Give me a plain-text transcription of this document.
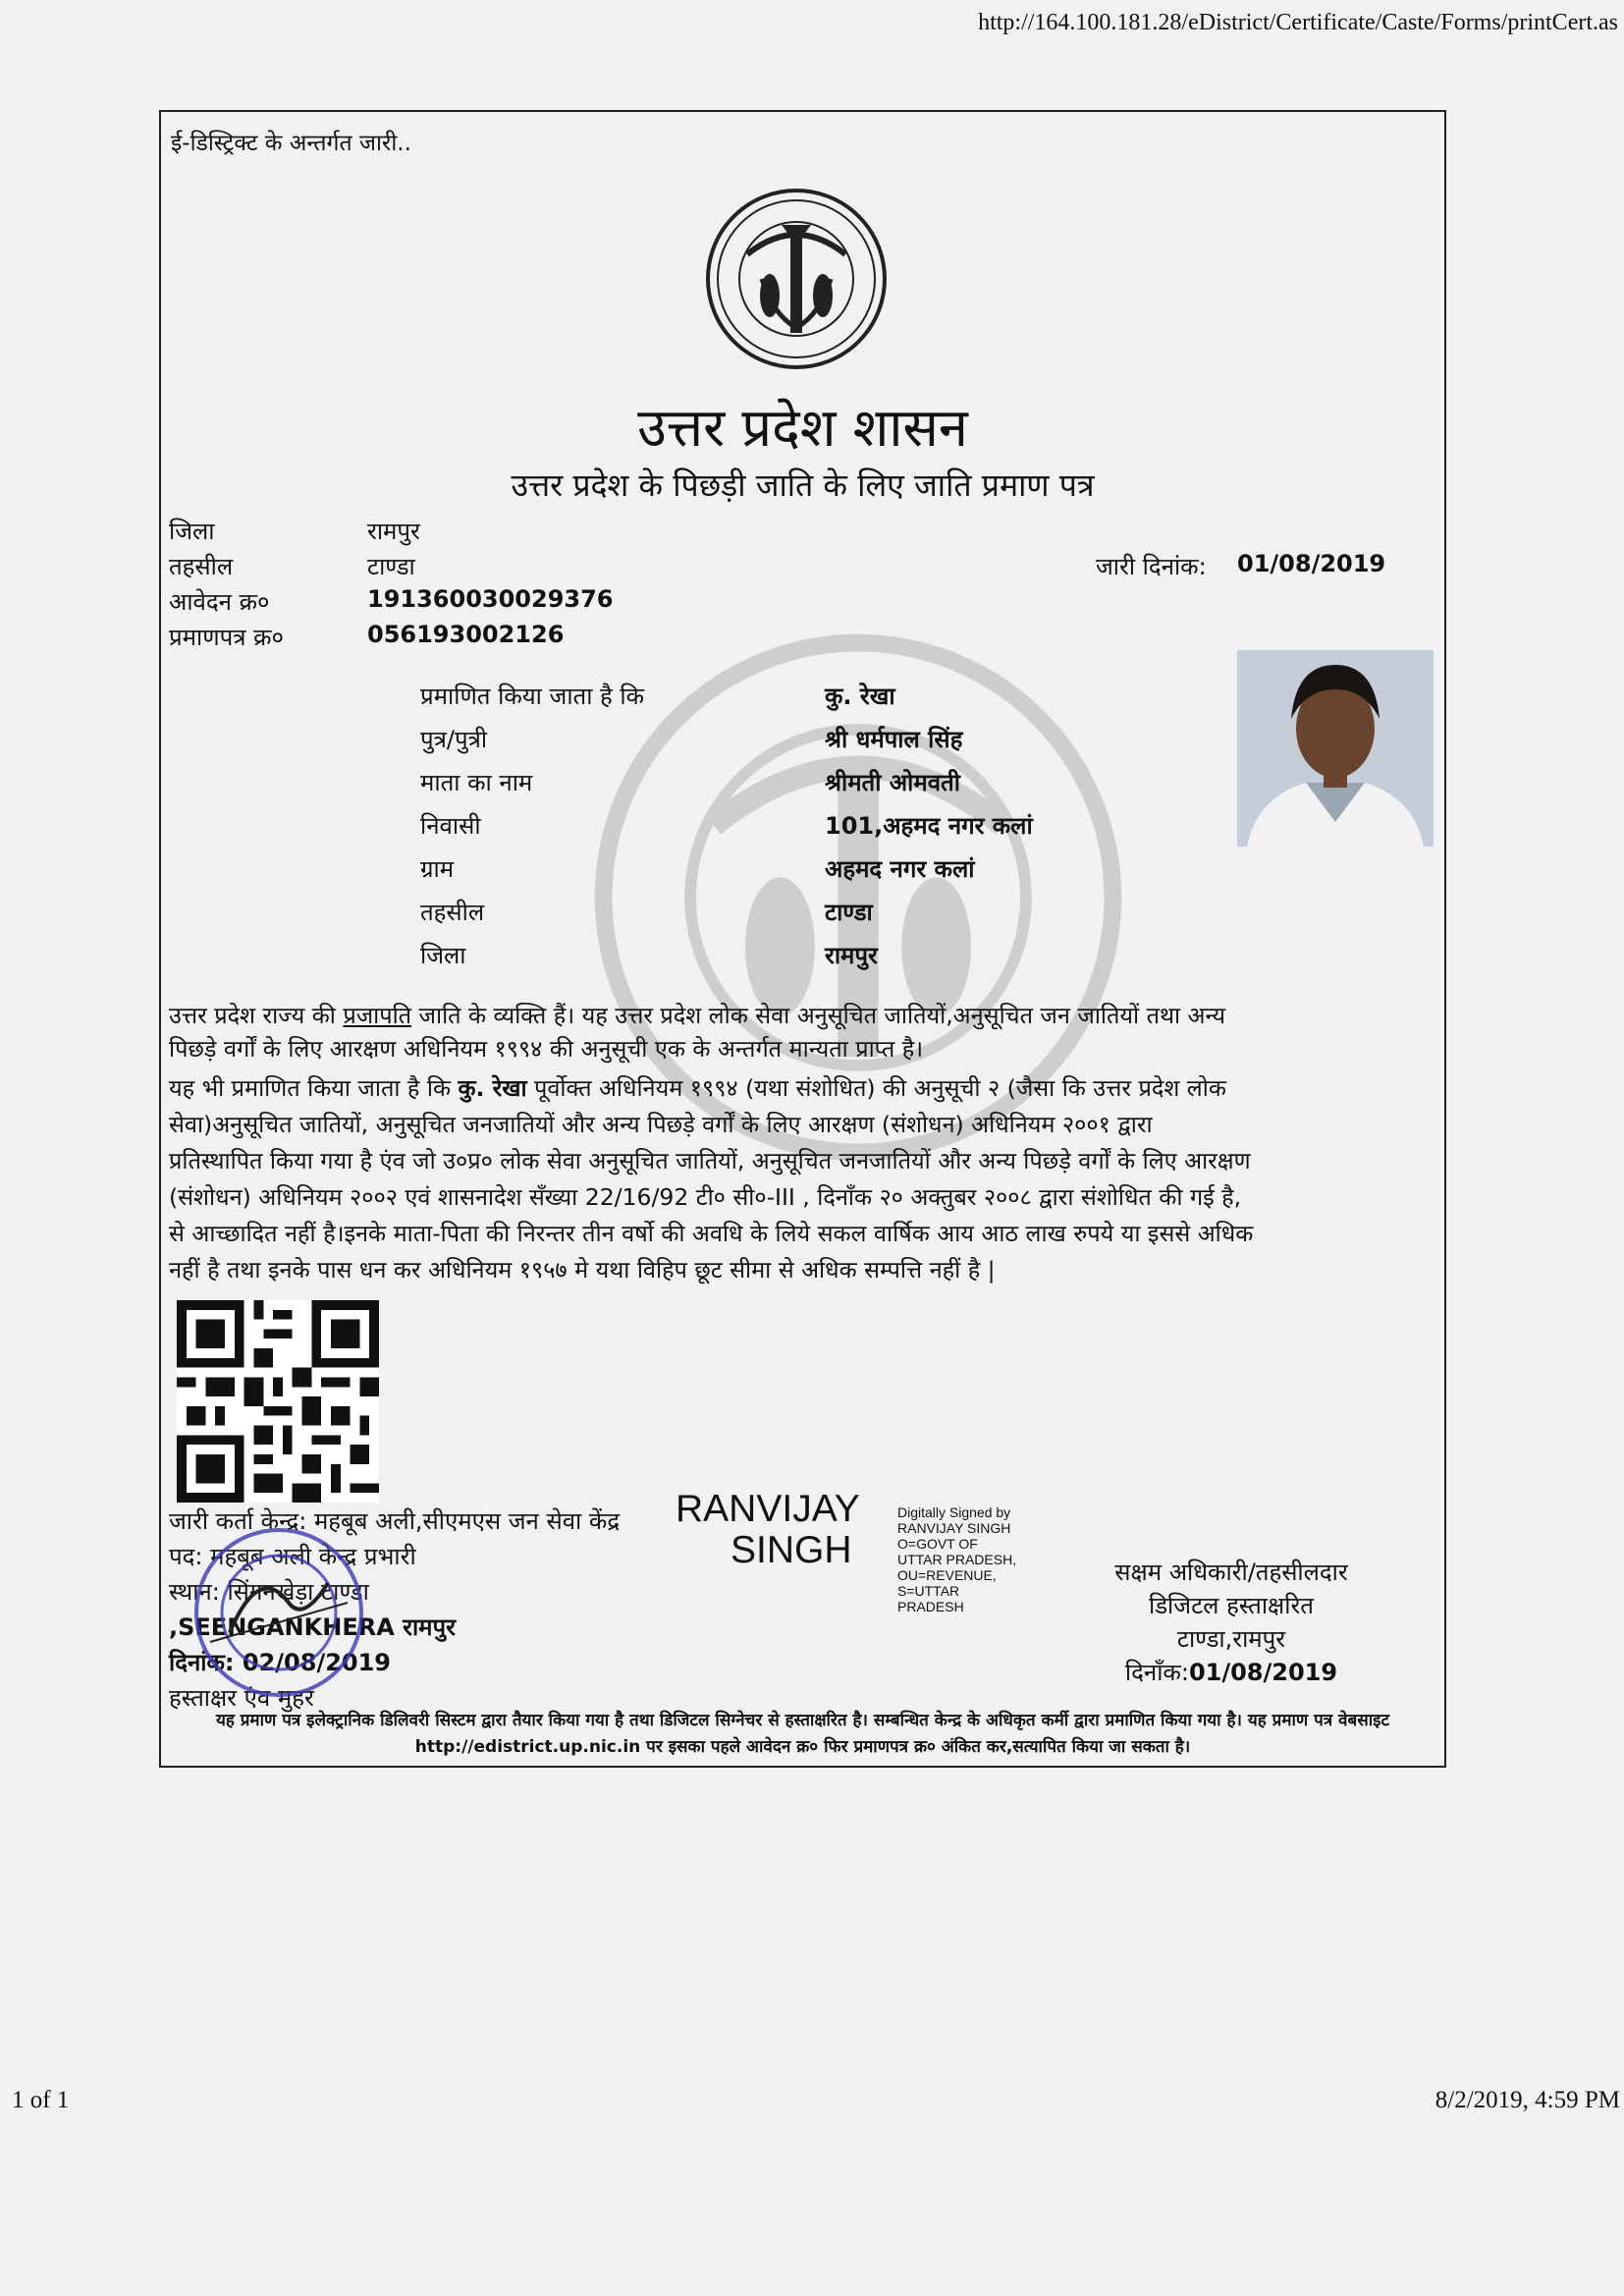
http://164.100.181.28/eDistrict/Certificate/Caste/Forms/printCert.as
ई-डिस्ट्रिक्ट के अन्तर्गत जारी..
उत्तर प्रदेश शासन
उत्तर प्रदेश के पिछड़ी जाति के लिए जाति प्रमाण पत्र
जिला	रामपुर
तहसील	टाण्डा
आवेदन क्र०	191360030029376
प्रमाणपत्र क्र०	056193002126
जारी दिनांक: 01/08/2019
प्रमाणित किया जाता है कि	कु. रेखा
पुत्र/पुत्री	श्री धर्मपाल सिंह
माता का नाम	श्रीमती ओमवती
निवासी	101,अहमद नगर कलां
ग्राम	अहमद नगर कलां
तहसील	टाण्डा
जिला	रामपुर
उत्तर प्रदेश राज्य की प्रजापति जाति के व्यक्ति हैं। यह उत्तर प्रदेश लोक सेवा अनुसूचित जातियों,अनुसूचित जन जातियों तथा अन्य
पिछड़े वर्गों के लिए आरक्षण अधिनियम १९९४ की अनुसूची एक के अन्तर्गत मान्यता प्राप्त है।
यह भी प्रमाणित किया जाता है कि कु. रेखा पूर्वोक्त अधिनियम १९९४ (यथा संशोधित) की अनुसूची २ (जैसा कि उत्तर प्रदेश लोक
सेवा)अनुसूचित जातियों, अनुसूचित जनजातियों और अन्य पिछड़े वर्गों के लिए आरक्षण (संशोधन) अधिनियम २००१ द्वारा
प्रतिस्थापित किया गया है एंव जो उ०प्र० लोक सेवा अनुसूचित जातियों, अनुसूचित जनजातियों और अन्य पिछड़े वर्गों के लिए आरक्षण
(संशोधन) अधिनियम २००२ एवं शासनादेश सँख्या 22/16/92 टी० सी०-III , दिनाँक २० अक्तुबर २००८ द्वारा संशोधित की गई है,
से आच्छादित नहीं है।इनके माता-पिता की निरन्तर तीन वर्षो की अवधि के लिये सकल वार्षिक आय आठ लाख रुपये या इससे अधिक
नहीं है तथा इनके पास धन कर अधिनियम १९५७ मे यथा विहिप छूट सीमा से अधिक सम्पत्ति नहीं है |
जारी कर्ता केन्द्र: महबूब अली,सीएमएस जन सेवा केंद्र
पद: महबूब अली केन्द्र प्रभारी
स्थान: सिंगनखेड़ा टाण्डा
,SEENGANKHERA रामपुर
दिनांक: 02/08/2019
हस्ताक्षर एंव मुहर
RANVIJAY
SINGH
Digitally Signed by
RANVIJAY SINGH
O=GOVT OF
UTTAR PRADESH,
OU=REVENUE,
S=UTTAR
PRADESH
सक्षम अधिकारी/तहसीलदार
डिजिटल हस्ताक्षरित
टाण्डा,रामपुर
दिनाँक:01/08/2019
यह प्रमाण पत्र इलेक्ट्रानिक डिलिवरी सिस्टम द्वारा तैयार किया गया है तथा डिजिटल सिग्नेचर से हस्ताक्षरित है। सम्बन्धित केन्द्र के अधिकृत कर्मी द्वारा प्रमाणित किया गया है। यह प्रमाण पत्र वेबसाइट http://edistrict.up.nic.in पर इसका पहले आवेदन क्र० फिर प्रमाणपत्र क्र० अंकित कर,सत्यापित किया जा सकता है।
1 of 1	8/2/2019, 4:59 PM
